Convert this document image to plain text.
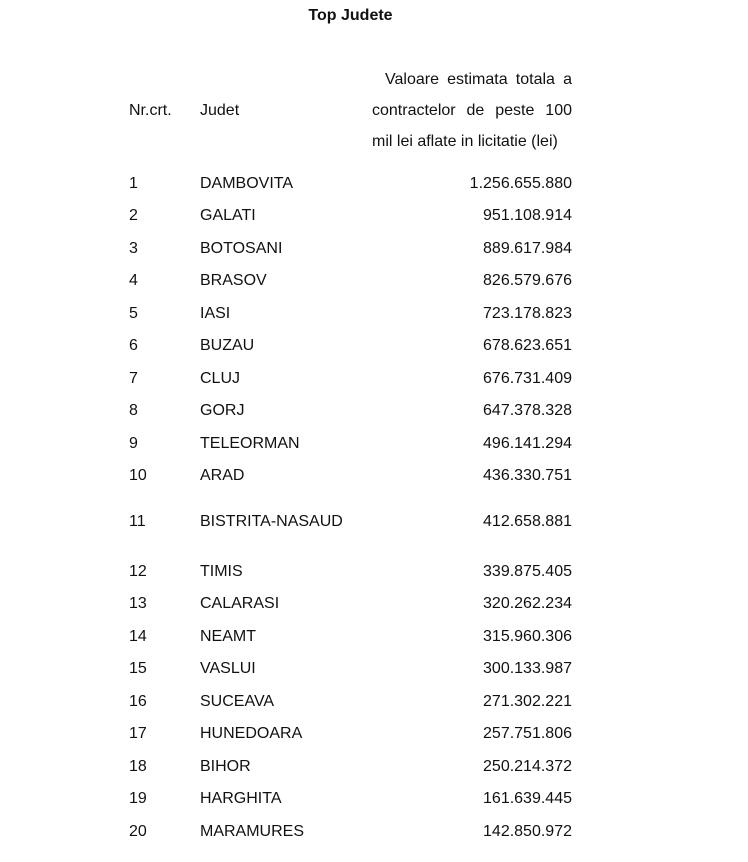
Top Judete
Nr.crt.	Judet
Valoare estimata totala a
contractelor de peste 100
mil lei aflate in licitatie (lei)
1	DAMBOVITA	1.256.655.880
2	GALATI	951.108.914
3	BOTOSANI	889.617.984
4	BRASOV	826.579.676
5	IASI	723.178.823
6	BUZAU	678.623.651
7	CLUJ	676.731.409
8	GORJ	647.378.328
9	TELEORMAN	496.141.294
10	ARAD	436.330.751
11	BISTRITA-NASAUD	412.658.881
12	TIMIS	339.875.405
13	CALARASI	320.262.234
14	NEAMT	315.960.306
15	VASLUI	300.133.987
16	SUCEAVA	271.302.221
17	HUNEDOARA	257.751.806
18	BIHOR	250.214.372
19	HARGHITA	161.639.445
20	MARAMURES	142.850.972
